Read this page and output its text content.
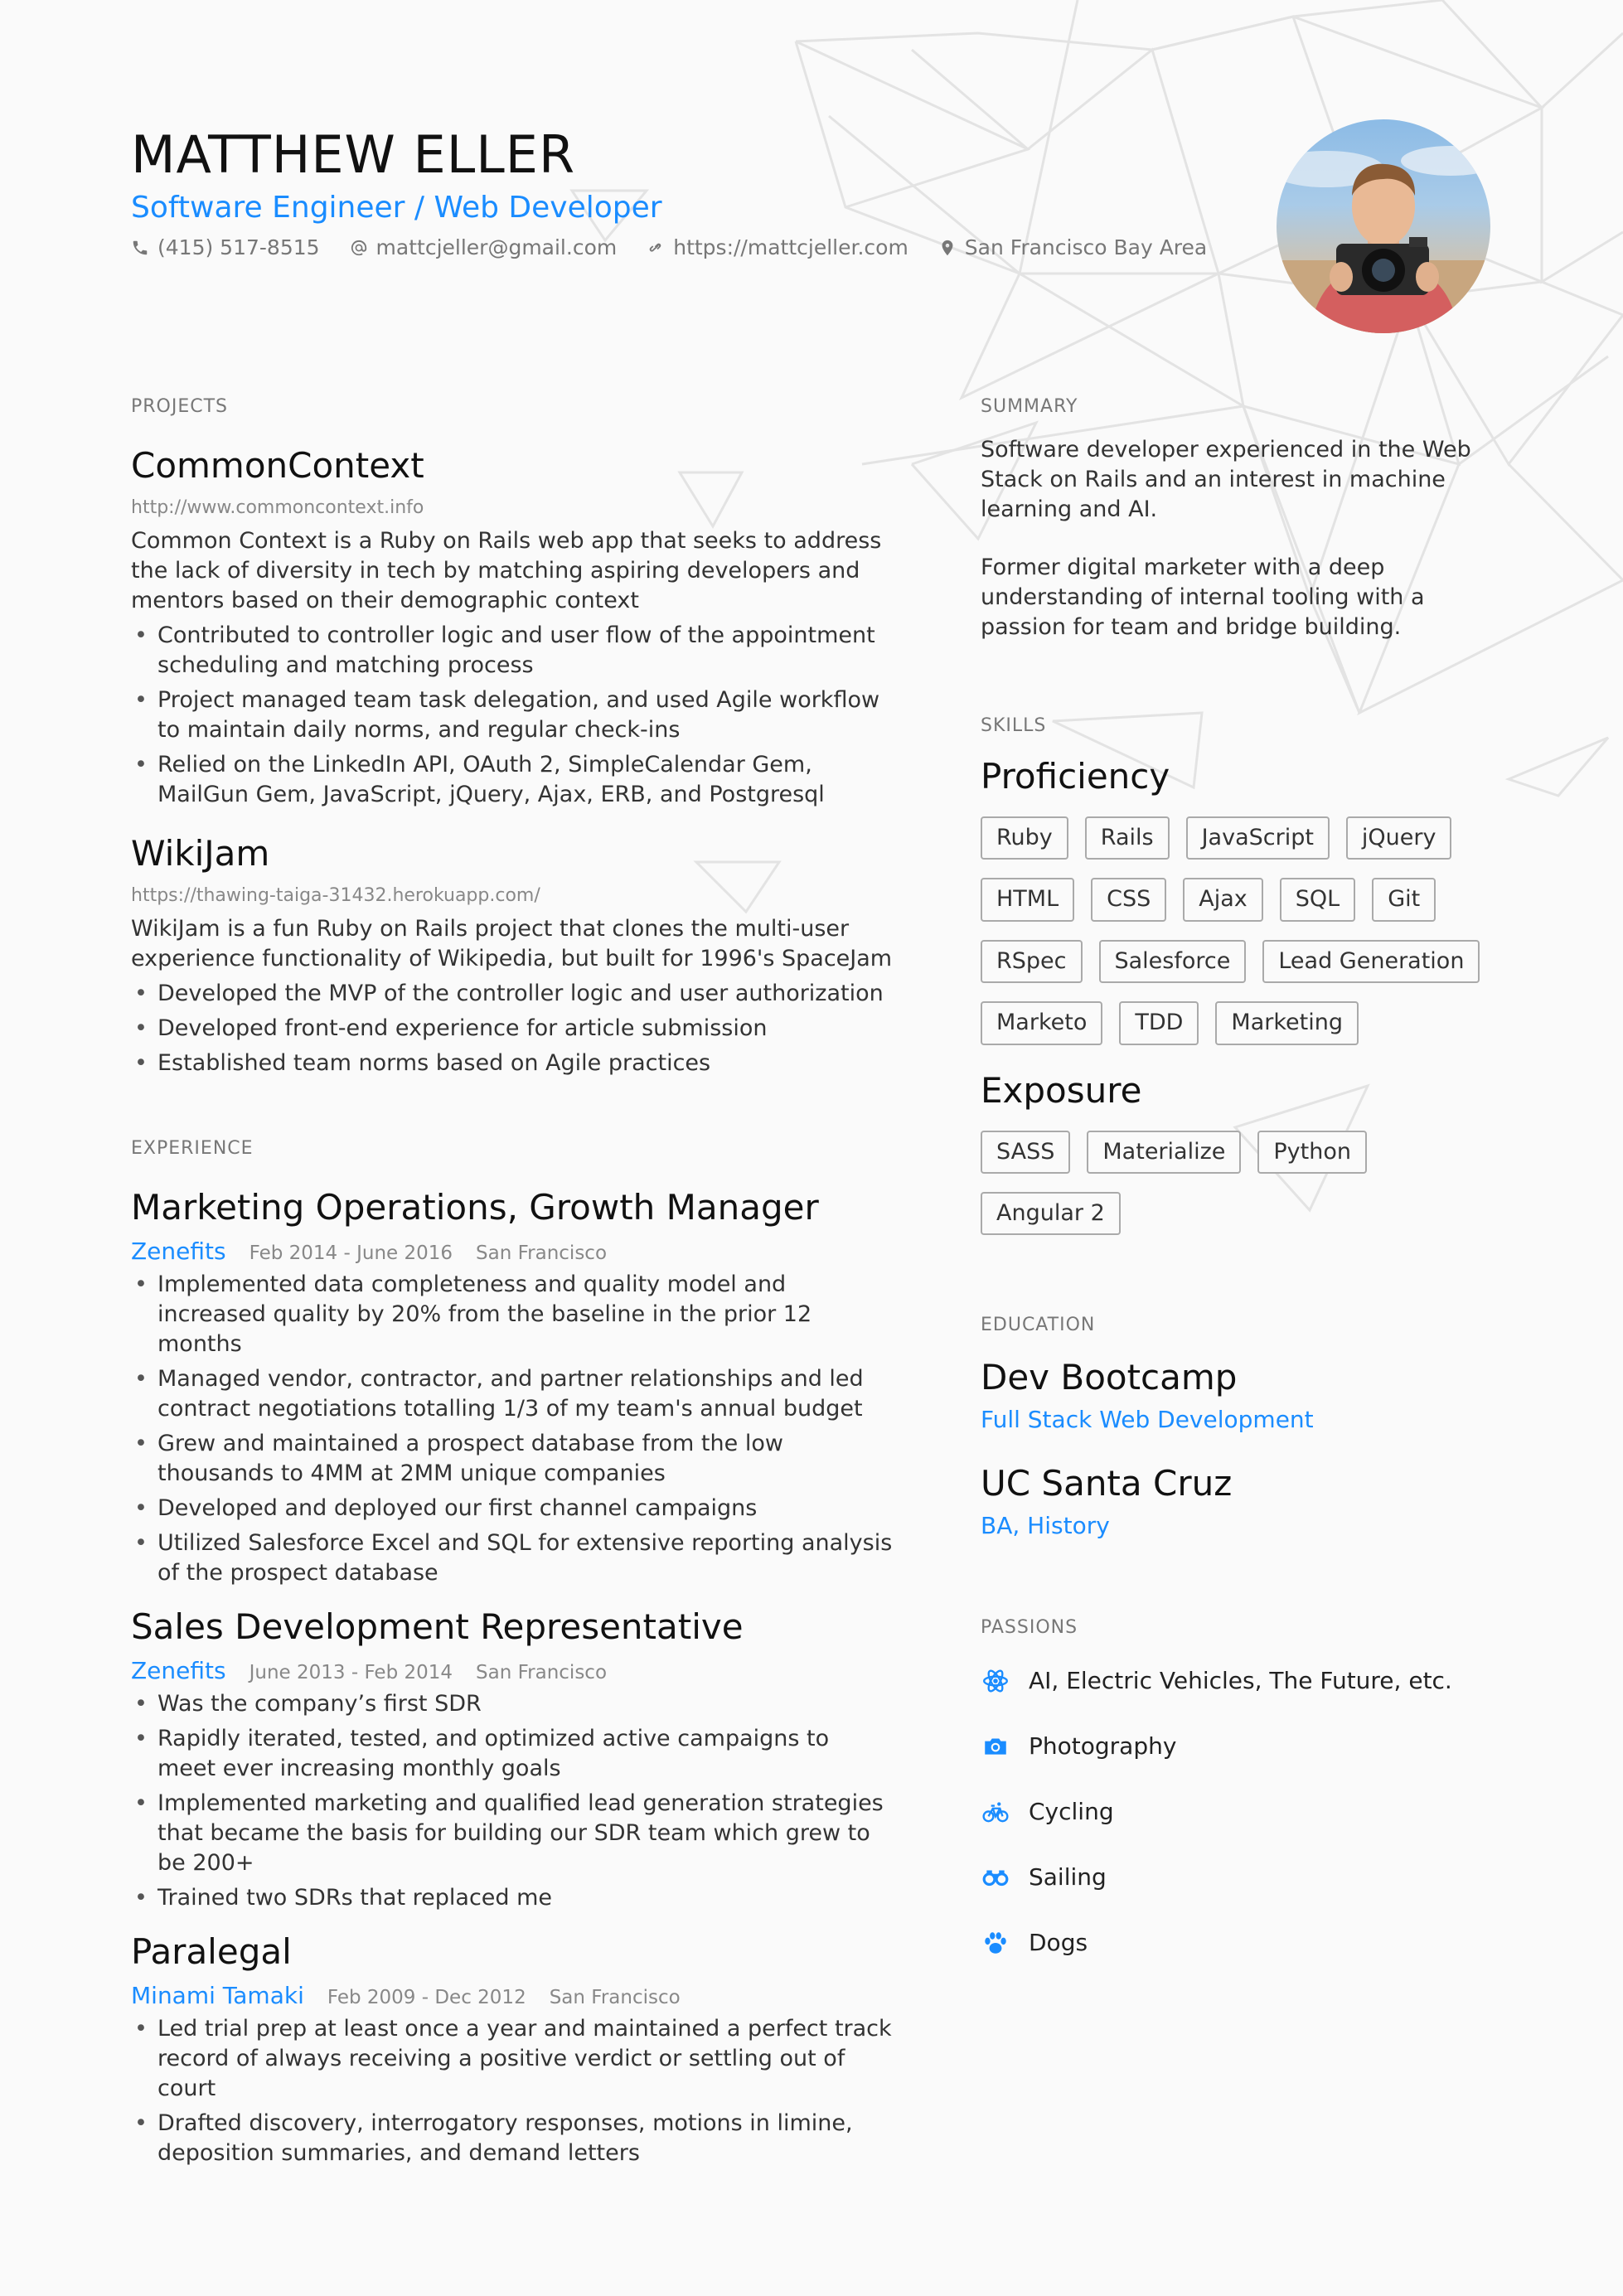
MATTHEW ELLER
Software Engineer / Web Developer
(415) 517-8515	mattcjeller@gmail.com	https://mattcjeller.com	San Francisco Bay Area
PROJECTS
CommonContext
http://www.commoncontext.info
Common Context is a Ruby on Rails web app that seeks to address the lack of diversity in tech by matching aspiring developers and mentors based on their demographic context
• Contributed to controller logic and user flow of the appointment scheduling and matching process
• Project managed team task delegation, and used Agile workflow to maintain daily norms, and regular check-ins
• Relied on the LinkedIn API, OAuth 2, SimpleCalendar Gem, MailGun Gem, JavaScript, jQuery, Ajax, ERB, and Postgresql
WikiJam
https://thawing-taiga-31432.herokuapp.com/
WikiJam is a fun Ruby on Rails project that clones the multi-user experience functionality of Wikipedia, but built for 1996's SpaceJam
• Developed the MVP of the controller logic and user authorization
• Developed front-end experience for article submission
• Established team norms based on Agile practices
EXPERIENCE
Marketing Operations, Growth Manager
Zenefits Feb 2014 - June 2016 San Francisco
• Implemented data completeness and quality model and increased quality by 20% from the baseline in the prior 12 months
• Managed vendor, contractor, and partner relationships and led contract negotiations totalling 1/3 of my team's annual budget
• Grew and maintained a prospect database from the low thousands to 4MM at 2MM unique companies
• Developed and deployed our first channel campaigns
• Utilized Salesforce Excel and SQL for extensive reporting analysis of the prospect database
Sales Development Representative
Zenefits June 2013 - Feb 2014 San Francisco
• Was the company’s first SDR
• Rapidly iterated, tested, and optimized active campaigns to meet ever increasing monthly goals
• Implemented marketing and qualified lead generation strategies that became the basis for building our SDR team which grew to be 200+
• Trained two SDRs that replaced me
Paralegal
Minami Tamaki Feb 2009 - Dec 2012 San Francisco
• Led trial prep at least once a year and maintained a perfect track record of always receiving a positive verdict or settling out of court
• Drafted discovery, interrogatory responses, motions in limine, deposition summaries, and demand letters
SUMMARY
Software developer experienced in the Web Stack on Rails and an interest in machine learning and AI.
Former digital marketer with a deep understanding of internal tooling with a passion for team and bridge building.
SKILLS
Proficiency
Ruby	Rails	JavaScript	jQuery
HTML	CSS	Ajax	SQL	Git
RSpec	Salesforce	Lead Generation
Marketo	TDD	Marketing
Exposure
SASS	Materialize	Python
Angular 2
EDUCATION
Dev Bootcamp
Full Stack Web Development
UC Santa Cruz
BA, History
PASSIONS
AI, Electric Vehicles, The Future, etc.
Photography
Cycling
Sailing
Dogs
